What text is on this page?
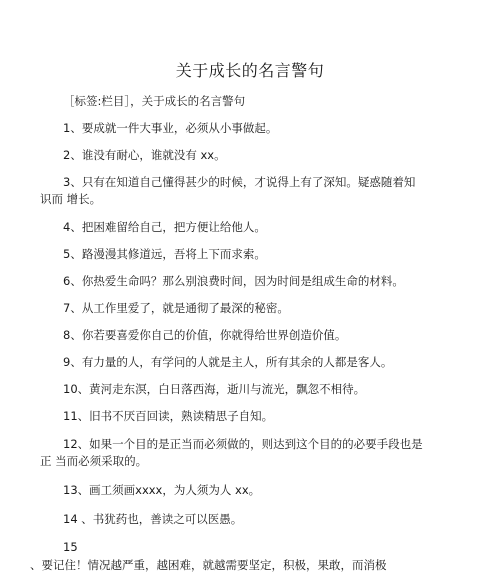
关于成长的名言警句
［标签:栏目］，关于成长的名言警句
1、要成就一件大事业，必须从小事做起。
2、谁没有耐心，谁就没有 xx。
3、只有在知道自己懂得甚少的时候，才说得上有了深知。疑惑随着知
识而 增长。
4、把困难留给自己，把方便让给他人。
5、路漫漫其修道远，吾将上下而求索。
6、你热爱生命吗？那么别浪费时间，因为时间是组成生命的材料。
7、从工作里爱了，就是通彻了最深的秘密。
8、你若要喜爱你自己的价值，你就得给世界创造价值。
9、有力量的人，有学问的人就是主人，所有其余的人都是客人。
10、黄河走东溟，白日落西海，逝川与流光，飘忽不相待。
11、旧书不厌百回读，熟读精思子自知。
12、如果一个目的是正当而必须做的，则达到这个目的的必要手段也是
正 当而必须采取的。
13、画工须画xxxx，为人须为人 xx。
14 、书犹药也，善读之可以医愚。
15
、要记住！情况越严重，越困难，就越需要坚定，积极，果敢，而消极
